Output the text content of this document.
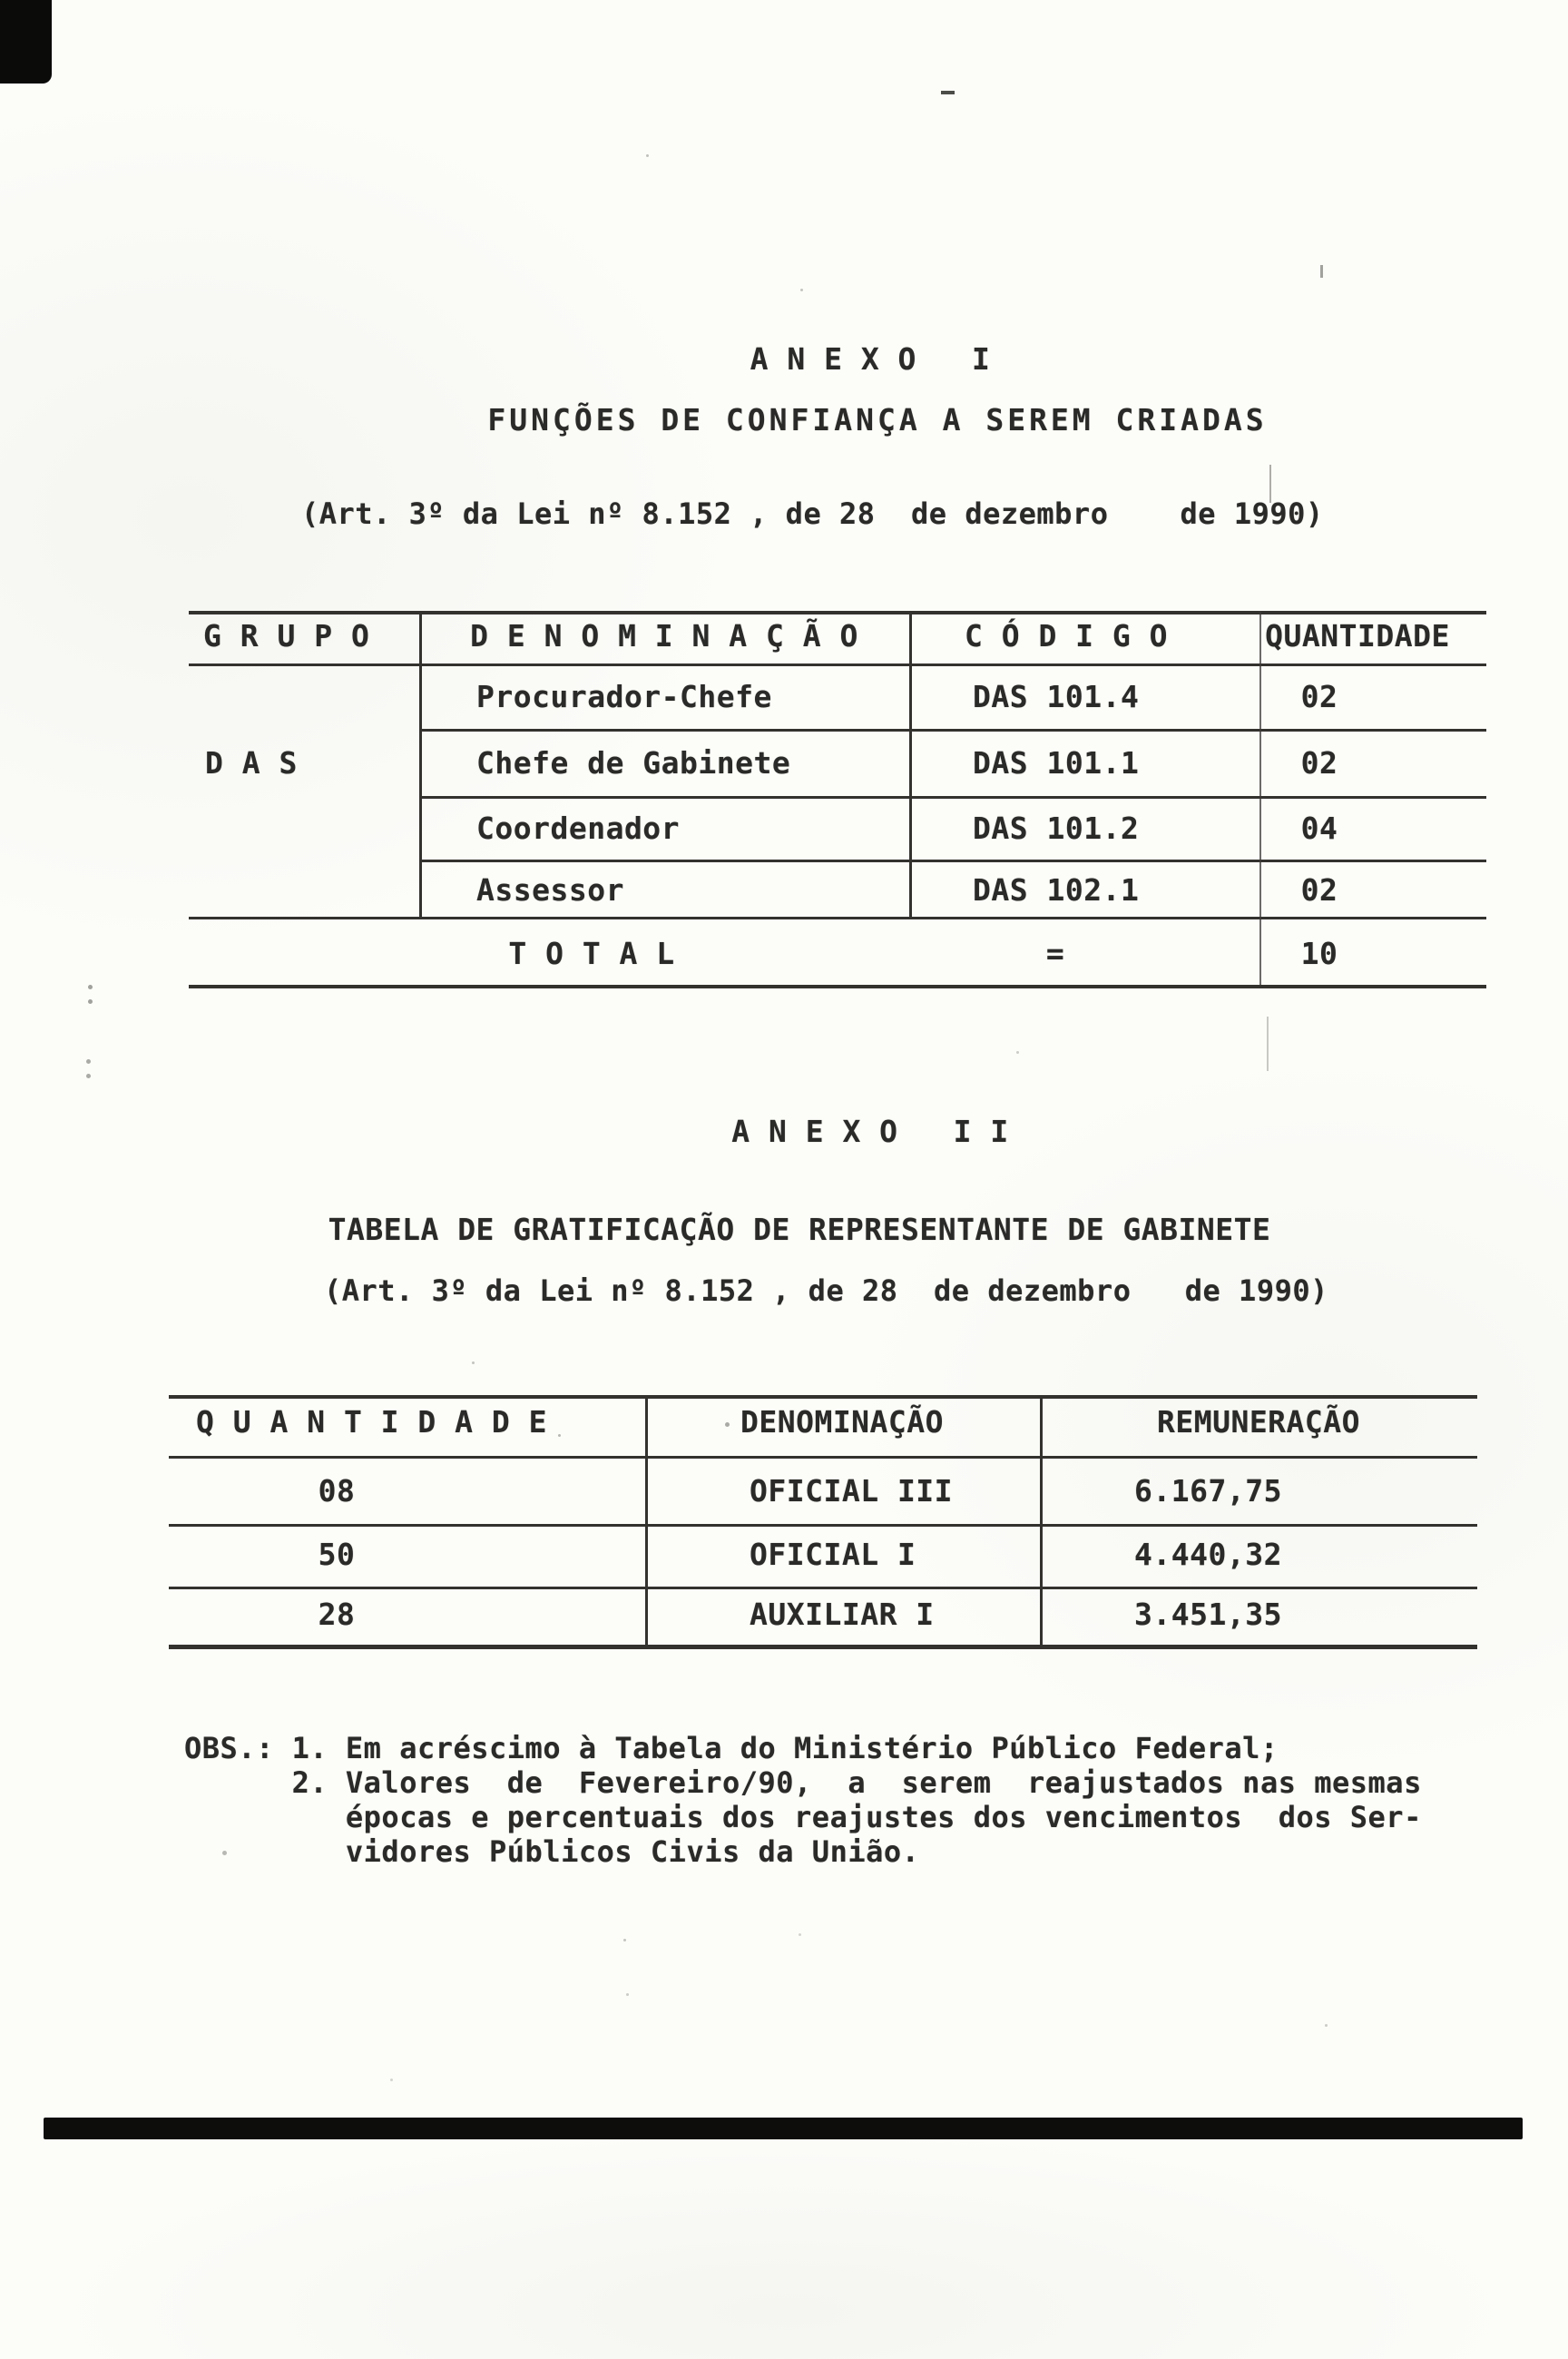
A N E X O   I
FUNÇÕES DE CONFIANÇA A SEREM CRIADAS
(Art. 3º da Lei nº 8.152 , de 28  de dezembro    de 1990)
G R U P O	D E N O M I N A Ç Ã O	C Ó D I G O	QUANTIDADE
D A S
Procurador-Chefe	DAS 101.4	02
Chefe de Gabinete	DAS 101.1	02
Coordenador	DAS 101.2	04
Assessor	DAS 102.1	02
T O T A L	=	10
A N E X O   I I
TABELA DE GRATIFICAÇÃO DE REPRESENTANTE DE GABINETE
(Art. 3º da Lei nº 8.152 , de 28  de dezembro   de 1990)
Q U A N T I D A D E	DENOMINAÇÃO	REMUNERAÇÃO
08	OFICIAL III	6.167,75
50	OFICIAL I	4.440,32
28	AUXILIAR I	3.451,35
OBS.: 1. Em acréscimo à Tabela do Ministério Público Federal;
2. Valores  de  Fevereiro/90,  a  serem  reajustados nas mesmas
épocas e percentuais dos reajustes dos vencimentos  dos Ser-
vidores Públicos Civis da União.
